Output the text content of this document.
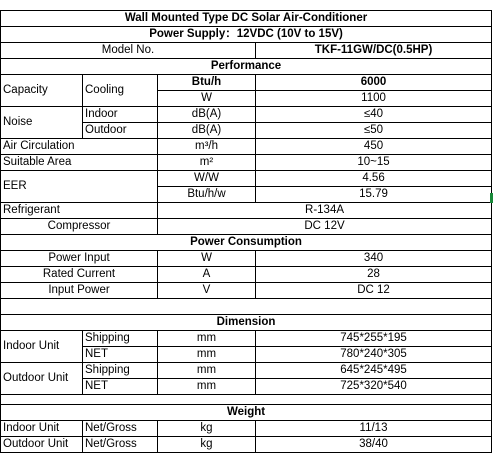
Wall Mounted Type DC Solar Air-Conditioner			
Power Supply：12VDC (10V to 15V)			
Model No.			TKF-11GW/DC(0.5HP)
Performance			
Capacity	Cooling	Btu/h	6000
		W	1100
Noise	Indoor	dB(A)	≤40
	Outdoor	dB(A)	≤50
Air Circulation		m³/h	450
Suitable Area		m²	10~15
EER		W/W	4.56
		Btu/h/w	15.79
Refrigerant		R-134A	
Compressor		DC 12V	
Power Consumption			
Power Input		W	340
Rated Current		A	28
Input Power		V	DC 12

Dimension			
Indoor Unit	Shipping	mm	745*255*195
	NET	mm	780*240*305
Outdoor Unit	Shipping	mm	645*245*495
	NET	mm	725*320*540

Weight			
Indoor Unit	Net/Gross	kg	11/13
Outdoor Unit	Net/Gross	kg	38/40
